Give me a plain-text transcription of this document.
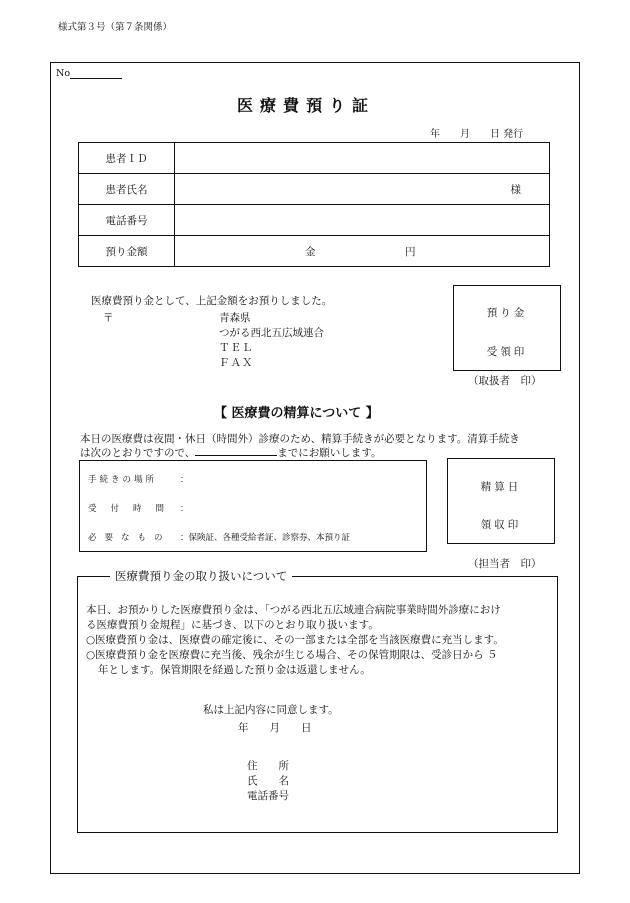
様式第３号（第７条関係）
No
医療費預り証
年　　月　　日 発行
患者ＩＤ	
患者氏名	様

電話番号	
預り金額	金 円
医療費預り金として、上記金額をお預りしました。
〒	青森県
つがる西北五広域連合
ＴＥＬ
ＦＡＸ
預り金
受領印
（取扱者　印）
【 医療費の精算について 】
本日の医療費は夜間・休日（時間外）診療のため、精算手続きが必要となります。清算手続き
は次のとおりですので、	までにお願いします。
手続きの場所	：
受付時間 ：
必要なもの ：保険証、各種受給者証、診察券、本預り証
精算日
領収印
（担当者　印）
医療費預り金の取り扱いについて
本日、お預かりした医療費預り金は、「つがる西北五広域連合病院事業時間外診療におけ
る医療費預り金規程」に基づき、以下のとおり取り扱います。
○医療費預り金は、医療費の確定後に、その一部または全部を当該医療費に充当します。
○医療費預り金を医療費に充当後、残余が生じる場合、その保管期限は、受診日から ５
年とします。保管期限を経過した預り金は返還しません。
私は上記内容に同意します。
年　　月　　日
住　　所
氏　　名
電話番号
